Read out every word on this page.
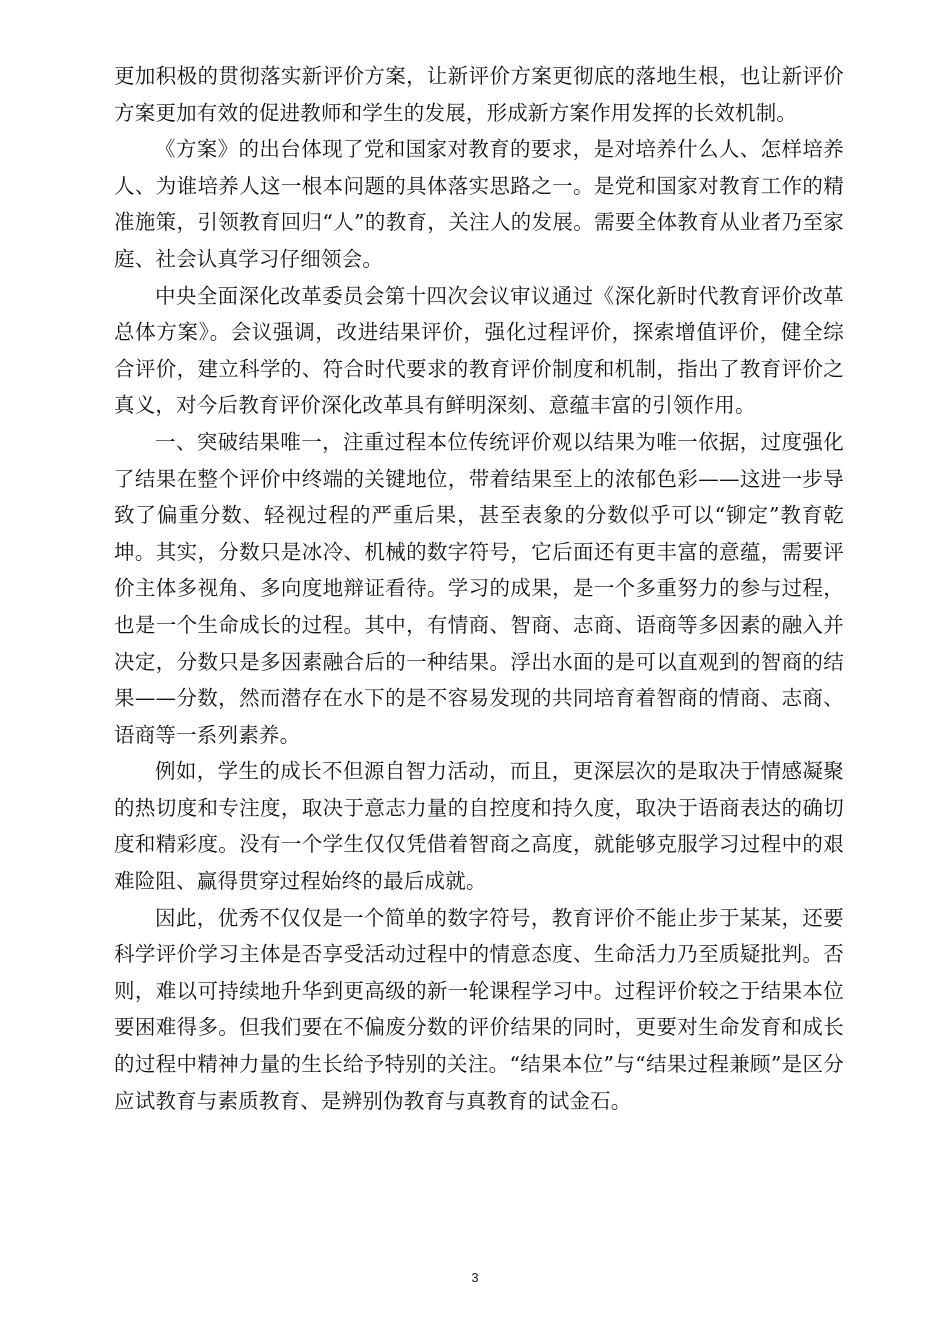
更加积极的贯彻落实新评价方案，让新评价方案更彻底的落地生根，也让新评价方案更加有效的促进教师和学生的发展，形成新方案作用发挥的长效机制。

《方案》的出台体现了党和国家对教育的要求，是对培养什么人、怎样培养人、为谁培养人这一根本问题的具体落实思路之一。是党和国家对教育工作的精准施策，引领教育回归“人”的教育，关注人的发展。需要全体教育从业者乃至家庭、社会认真学习仔细领会。

中央全面深化改革委员会第十四次会议审议通过《深化新时代教育评价改革总体方案》。会议强调，改进结果评价，强化过程评价，探索增值评价，健全综合评价，建立科学的、符合时代要求的教育评价制度和机制，指出了教育评价之真义，对今后教育评价深化改革具有鲜明深刻、意蕴丰富的引领作用。

一、突破结果唯一，注重过程本位传统评价观以结果为唯一依据，过度强化了结果在整个评价中终端的关键地位，带着结果至上的浓郁色彩——这进一步导致了偏重分数、轻视过程的严重后果，甚至表象的分数似乎可以“铆定”教育乾坤。其实，分数只是冰冷、机械的数字符号，它后面还有更丰富的意蕴，需要评价主体多视角、多向度地辩证看待。学习的成果，是一个多重努力的参与过程，也是一个生命成长的过程。其中，有情商、智商、志商、语商等多因素的融入并决定，分数只是多因素融合后的一种结果。浮出水面的是可以直观到的智商的结果——分数，然而潜存在水下的是不容易发现的共同培育着智商的情商、志商、语商等一系列素养。

例如，学生的成长不但源自智力活动，而且，更深层次的是取决于情感凝聚的热切度和专注度，取决于意志力量的自控度和持久度，取决于语商表达的确切度和精彩度。没有一个学生仅仅凭借着智商之高度，就能够克服学习过程中的艰难险阻、赢得贯穿过程始终的最后成就。

因此，优秀不仅仅是一个简单的数字符号，教育评价不能止步于某某，还要科学评价学习主体是否享受活动过程中的情意态度、生命活力乃至质疑批判。否则，难以可持续地升华到更高级的新一轮课程学习中。过程评价较之于结果本位要困难得多。但我们要在不偏废分数的评价结果的同时，更要对生命发育和成长的过程中精神力量的生长给予特别的关注。“结果本位”与“结果过程兼顾”是区分应试教育与素质教育、是辨别伪教育与真教育的试金石。

3
